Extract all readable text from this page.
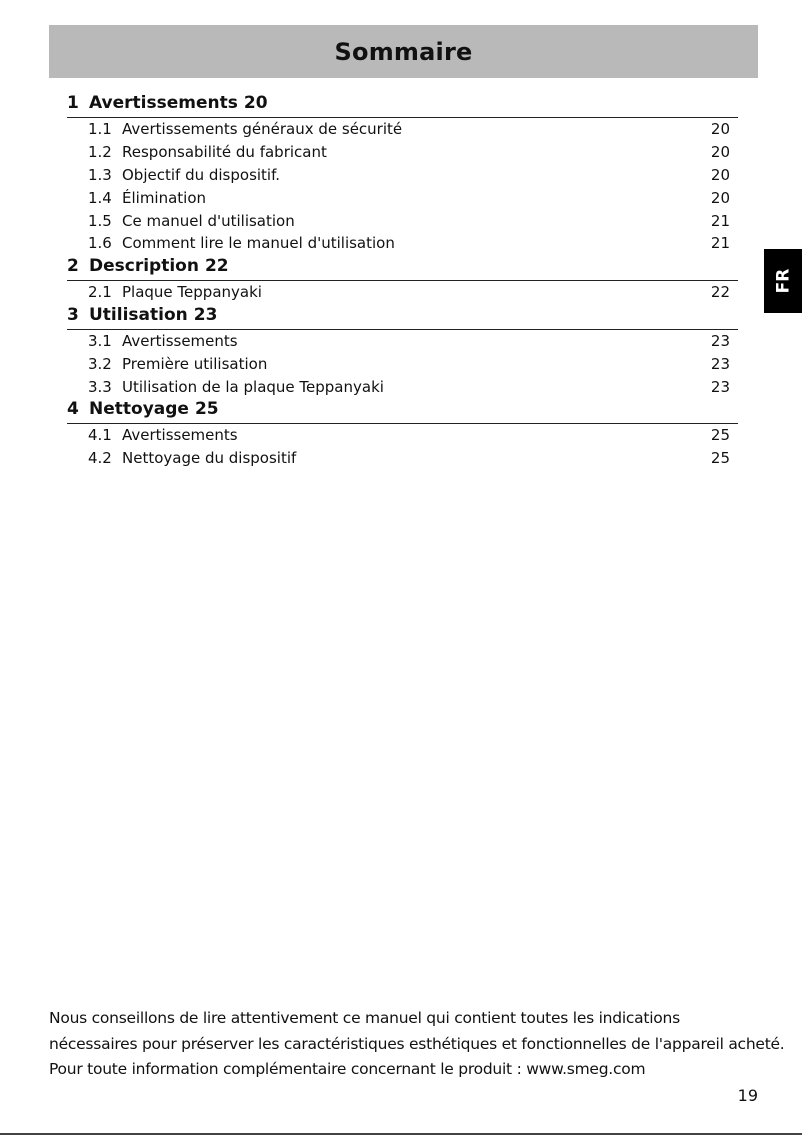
Sommaire
1 Avertissements 20
1.1 Avertissements généraux de sécurité	20
1.2 Responsabilité du fabricant	20
1.3 Objectif du dispositif.	20
1.4 Élimination	20
1.5 Ce manuel d'utilisation	21
1.6 Comment lire le manuel d'utilisation	21
2 Description 22
2.1 Plaque Teppanyaki	22
3 Utilisation 23
3.1 Avertissements	23
3.2 Première utilisation	23
3.3 Utilisation de la plaque Teppanyaki	23
4 Nettoyage 25
4.1 Avertissements	25
4.2 Nettoyage du dispositif	25
FR

Nous conseillons de lire attentivement ce manuel qui contient toutes les indications

nécessaires pour préserver les caractéristiques esthétiques et fonctionnelles de l'appareil acheté.

Pour toute information complémentaire concernant le produit : www.smeg.com

19
